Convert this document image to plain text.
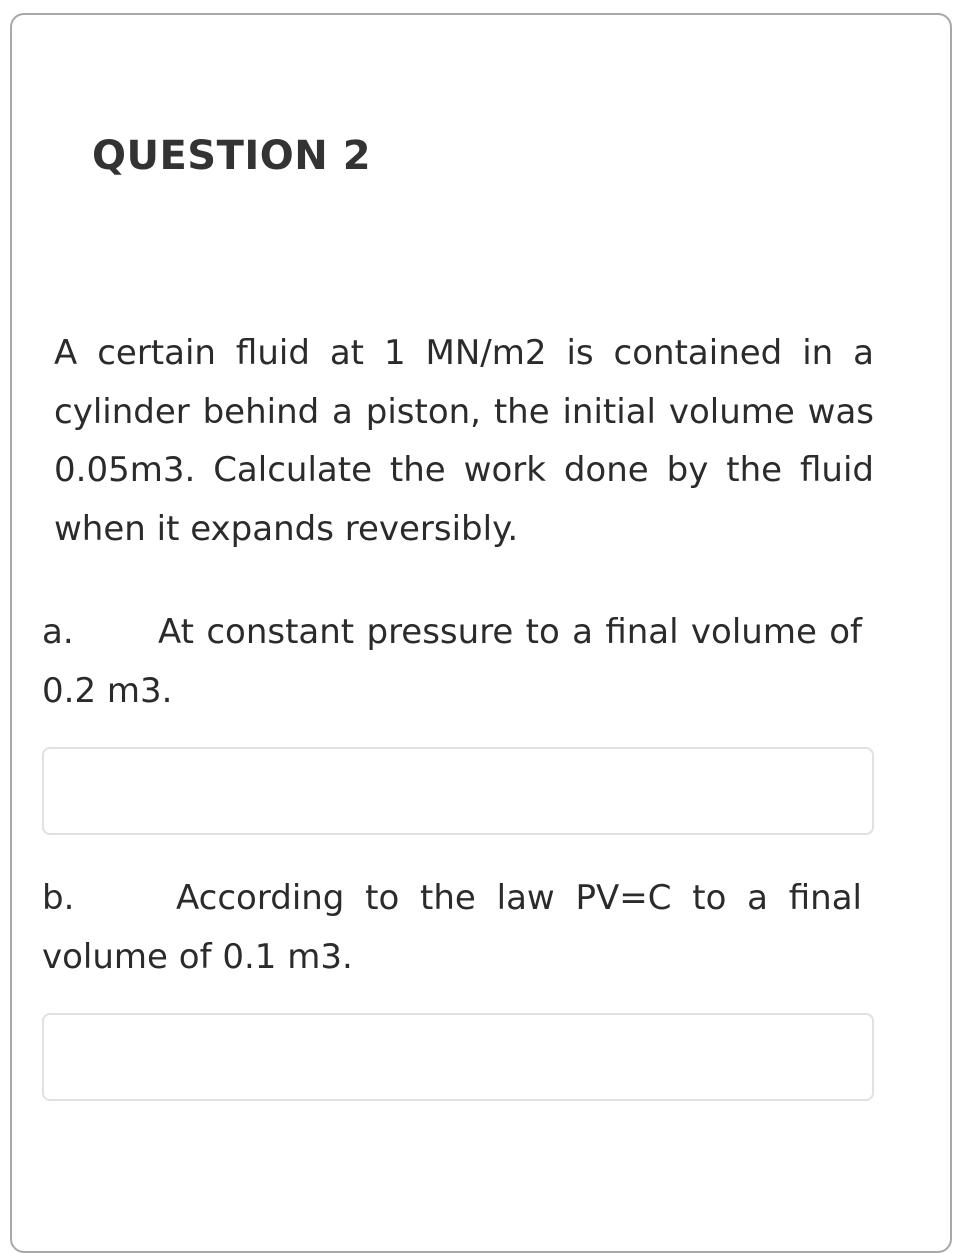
QUESTION 2

A certain fluid at 1 MN/m2 is contained in a cylinder behind a piston, the initial volume was 0.05m3. Calculate the work done by the fluid when it expands reversibly.

a. At constant pressure to a final volume of 0.2 m3.

b.	According to the law PV=C to a final volume of 0.1 m3.
